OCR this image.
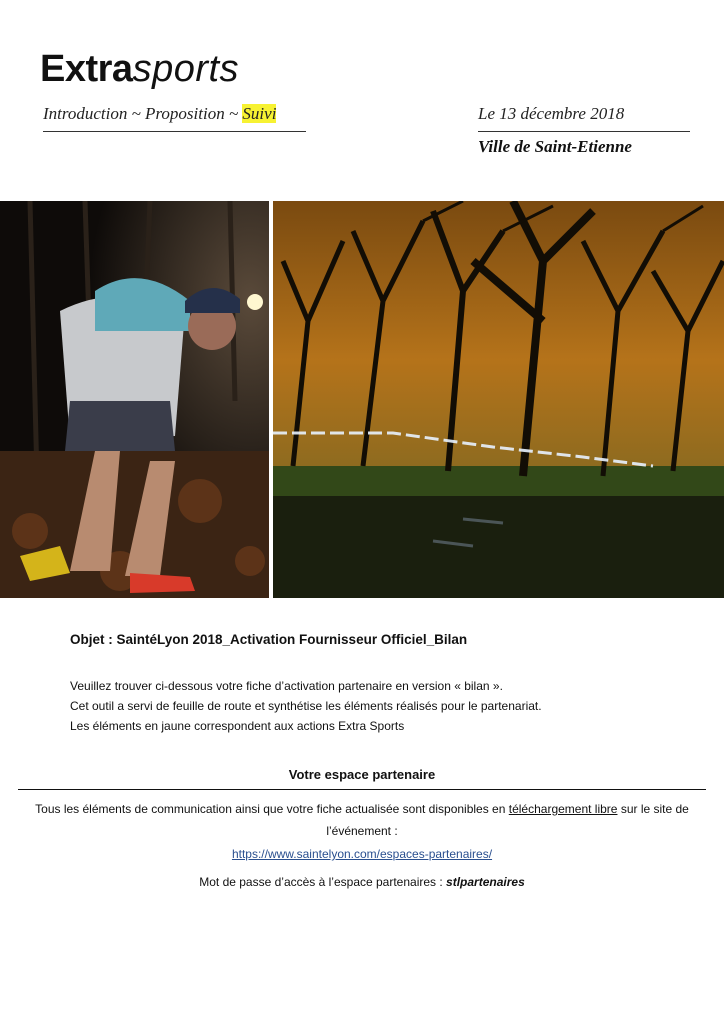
Extrasports
Introduction ~ Proposition ~ Suivi	Le 13 décembre 2018
Ville de Saint-Etienne
Objet : SaintéLyon 2018_Activation Fournisseur Officiel_Bilan
Veuillez trouver ci-dessous votre fiche d’activation partenaire en version « bilan ».
Cet outil a servi de feuille de route et synthétise les éléments réalisés pour le partenariat.
Les éléments en jaune correspondent aux actions Extra Sports
Votre espace partenaire
Tous les éléments de communication ainsi que votre fiche actualisée sont disponibles en téléchargement libre sur le site de l’événement :
https://www.saintelyon.com/espaces-partenaires/
Mot de passe d’accès à l’espace partenaires : stlpartenaires
